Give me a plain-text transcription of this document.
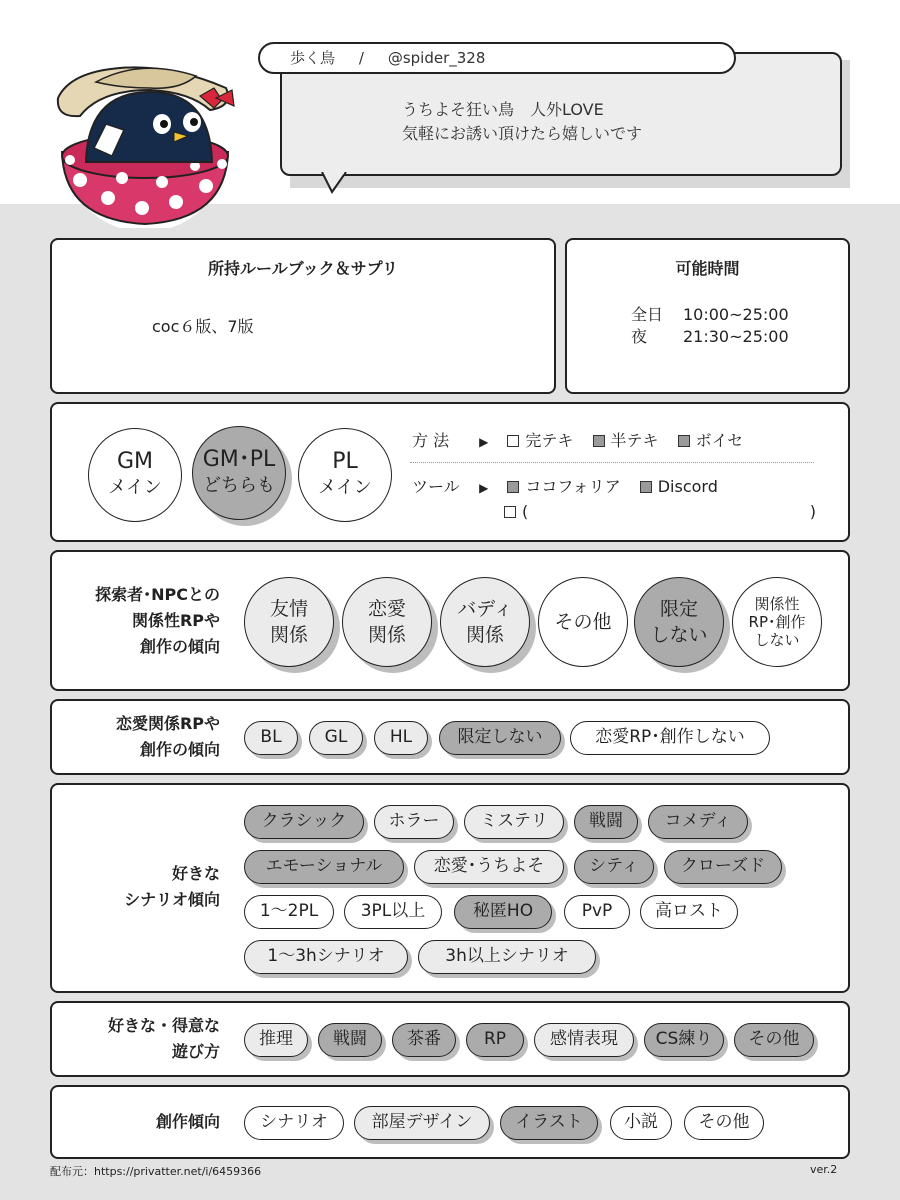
うちよそ狂い鳥　人外LOVE
気軽にお誘い頂けたら嬉しいです
歩く鳥 / @spider_328
所持ルールブック＆サプリ
coc６版、7版
可能時間
全日 10:00~25:00
夜 21:30~25:00
GM
メイン
GM･PL
どちらも
PL
メイン
方 法	▶ 完テキ 半テキ ボイセ
ツール ▶ ココフォリア Discord
(	)
探索者･NPCとの
関係性RPや
創作の傾向
友情
関係
恋愛
関係
バディ
関係
その他
限定
しない
関係性
RP･創作
しない
恋愛関係RPや
創作の傾向
BL	GL	HL	限定しない	恋愛RP･創作しない
好きな
シナリオ傾向
クラシック	ホラー	ミステリ	戦闘	コメディ
エモーショナル	恋愛･うちよそ	シティ	クローズド
1～2PL	3PL以上	秘匿HO	PvP	高ロスト
1～3hシナリオ	3h以上シナリオ
好きな・得意な
遊び方
推理	戦闘	茶番	RP	感情表現	CS練り	その他
創作傾向	シナリオ	部屋デザイン	イラスト	小説	その他
配布元：https://privatter.net/i/6459366	ver.2
